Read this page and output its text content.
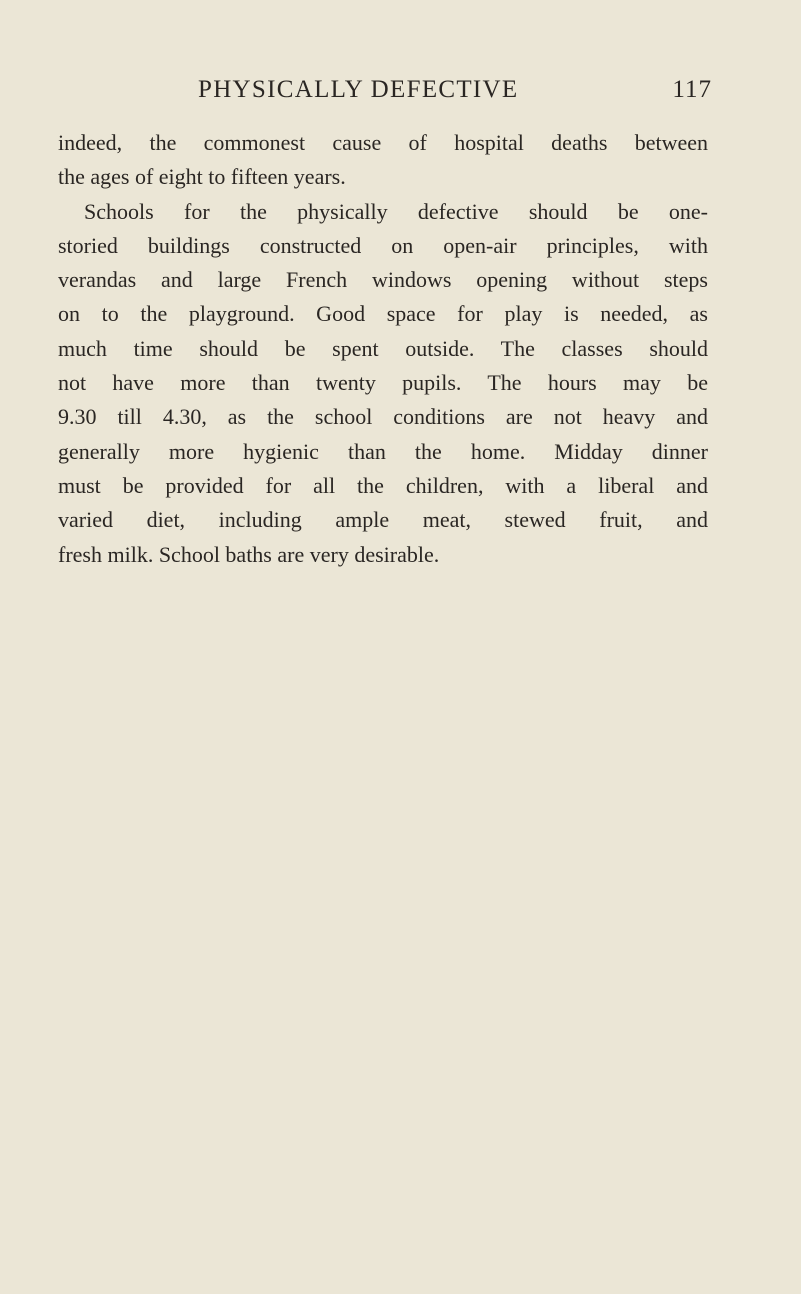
PHYSICALLY DEFECTIVE	117
indeed, the commonest cause of hospital deaths between
the ages of eight to fifteen years.
Schools for the physically defective should be one-
storied buildings constructed on open-air principles, with
verandas and large French windows opening without steps
on to the playground. Good space for play is needed, as
much time should be spent outside. The classes should
not have more than twenty pupils. The hours may be
9.30 till 4.30, as the school conditions are not heavy and
generally more hygienic than the home. Midday dinner
must be provided for all the children, with a liberal and
varied diet, including ample meat, stewed fruit, and
fresh milk. School baths are very desirable.
